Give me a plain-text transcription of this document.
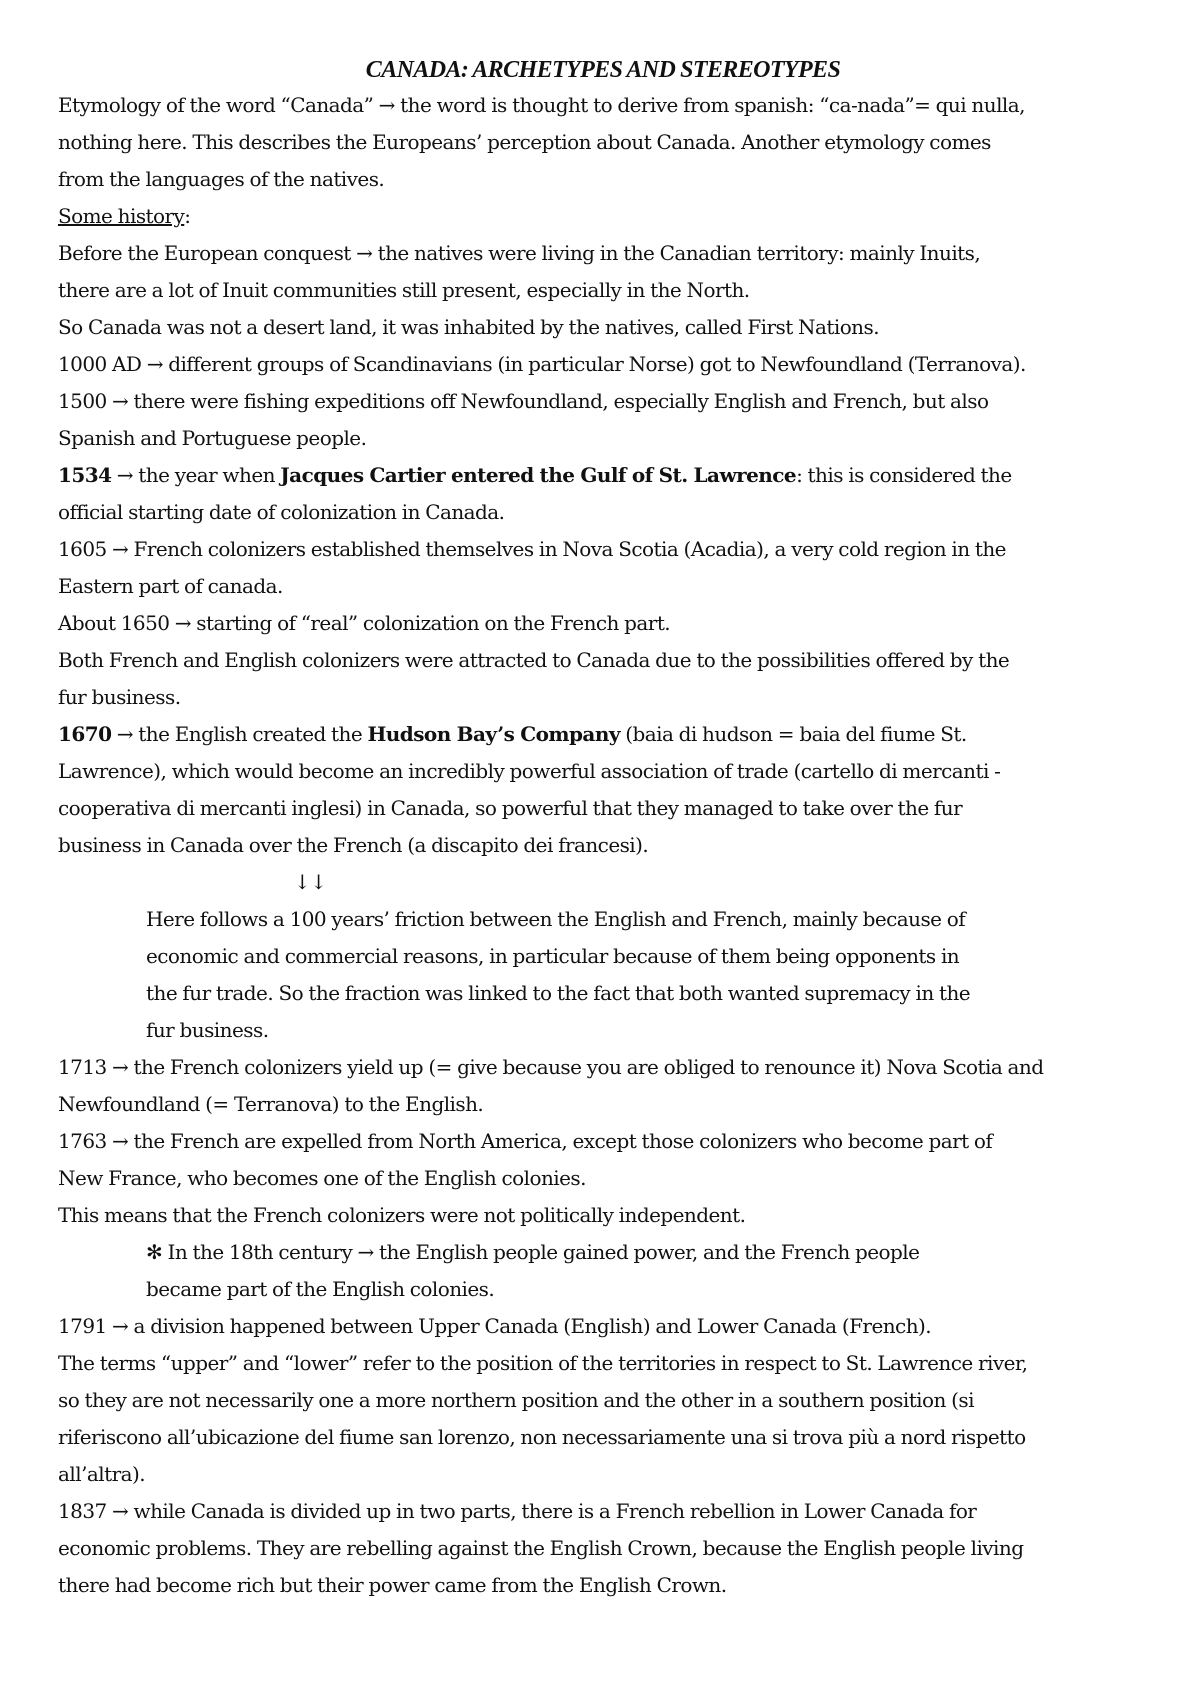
CANADA: ARCHETYPES AND STEREOTYPES
Etymology of the word “Canada” → the word is thought to derive from spanish: “ca-nada”= qui nulla,
nothing here. This describes the Europeans’ perception about Canada. Another etymology comes
from the languages of the natives.
Some history:
Before the European conquest → the natives were living in the Canadian territory: mainly Inuits,
there are a lot of Inuit communities still present, especially in the North.
So Canada was not a desert land, it was inhabited by the natives, called First Nations.
1000 AD → different groups of Scandinavians (in particular Norse) got to Newfoundland (Terranova).
1500 → there were fishing expeditions off Newfoundland, especially English and French, but also
Spanish and Portuguese people.
1534 → the year when Jacques Cartier entered the Gulf of St. Lawrence: this is considered the
official starting date of colonization in Canada.
1605 → French colonizers established themselves in Nova Scotia (Acadia), a very cold region in the
Eastern part of canada.
About 1650 → starting of “real” colonization on the French part.
Both French and English colonizers were attracted to Canada due to the possibilities offered by the
fur business.
1670 → the English created the Hudson Bay’s Company (baia di hudson = baia del fiume St.
Lawrence), which would become an incredibly powerful association of trade (cartello di mercanti -
cooperativa di mercanti inglesi) in Canada, so powerful that they managed to take over the fur
business in Canada over the French (a discapito dei francesi).
↓↓
Here follows a 100 years’ friction between the English and French, mainly because of
economic and commercial reasons, in particular because of them being opponents in
the fur trade. So the fraction was linked to the fact that both wanted supremacy in the
fur business.
1713 → the French colonizers yield up (= give because you are obliged to renounce it) Nova Scotia and
Newfoundland (= Terranova) to the English.
1763 → the French are expelled from North America, except those colonizers who become part of
New France, who becomes one of the English colonies.
This means that the French colonizers were not politically independent.
✻ In the 18th century → the English people gained power, and the French people
became part of the English colonies.
1791 → a division happened between Upper Canada (English) and Lower Canada (French).
The terms “upper” and “lower” refer to the position of the territories in respect to St. Lawrence river,
so they are not necessarily one a more northern position and the other in a southern position (si
riferiscono all’ubicazione del fiume san lorenzo, non necessariamente una si trova più a nord rispetto
all’altra).
1837 → while Canada is divided up in two parts, there is a French rebellion in Lower Canada for
economic problems. They are rebelling against the English Crown, because the English people living
there had become rich but their power came from the English Crown.
